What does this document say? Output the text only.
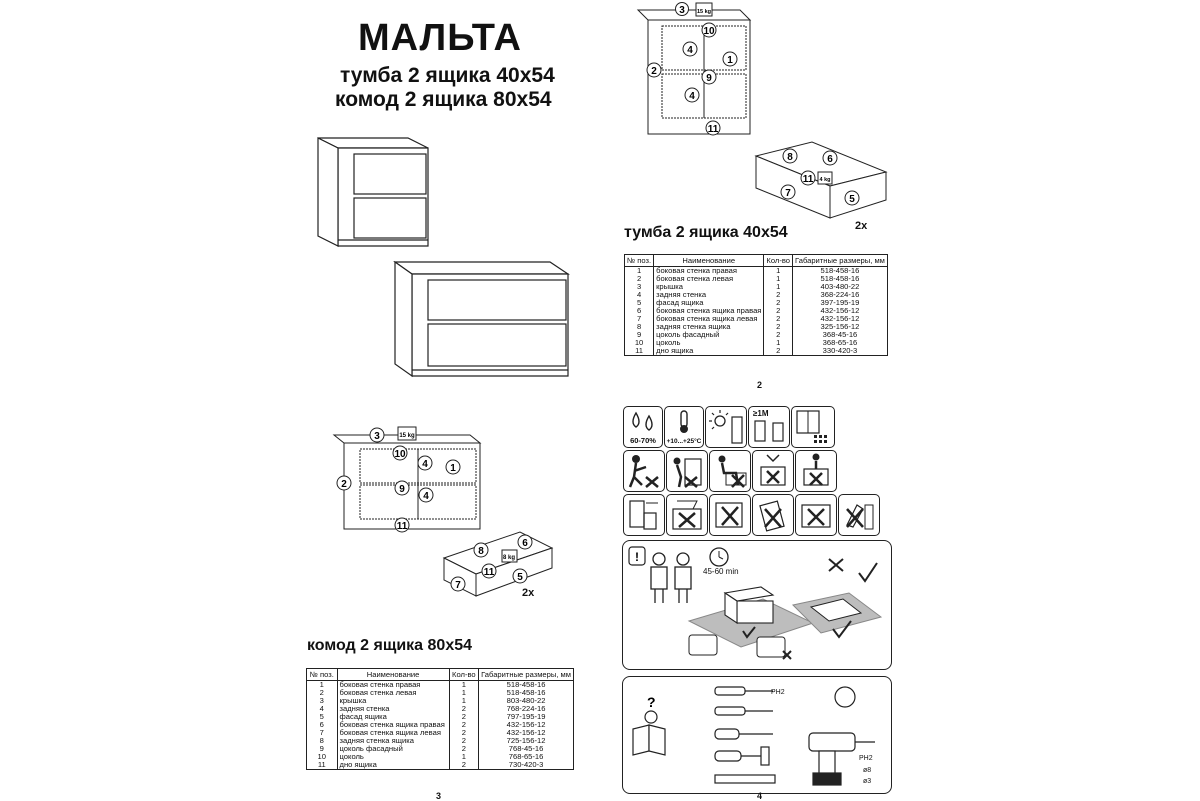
МАЛЬТА
тумба 2 ящика 40х54
комод 2 ящика 80х54
3	15 kg
10
4 1
2	9
4
11
8
6
8 kg
11 5
7
2x
комод 2 ящика 80х54
№ поз.	Наименование	Кол-во	Габаритные размеры, мм
1	боковая стенка правая	1	518-458-16
2	боковая стенка левая	1	518-458-16
3	крышка	1	803-480-22
4	задняя стенка	2	768-224-16
5	фасад ящика	2	797-195-19
6	боковая стенка ящика правая	2	432-156-12
7	боковая стенка ящика левая	2	432-156-12
8	задняя стенка ящика	2	725-156-12
9	цоколь фасадный	2	768-45-16
10	цоколь	1	768-65-16
11	дно ящика	2	730-420-3
3
3 15 kg
10
4
1
2
9
4
11
8	6
11 4 kg
7
5
2x
тумба 2 ящика 40х54
№ поз.	Наименование	Кол-во	Габаритные размеры, мм
1	боковая стенка правая	1	518-458-16
2	боковая стенка левая	1	518-458-16
3	крышка	1	403-480-22
4	задняя стенка	2	368-224-16
5	фасад ящика	2	397-195-19
6	боковая стенка ящика правая	2	432-156-12
7	боковая стенка ящика левая	2	432-156-12
8	задняя стенка ящика	2	325-156-12
9	цоколь фасадный	2	368-45-16
10	цоколь	1	368-65-16
11	дно ящика	2	330-420-3
2
60-70%	+10...+25°C
≥1M
!
45-60 min
?
PH2
PH2
ø8
ø3
4
